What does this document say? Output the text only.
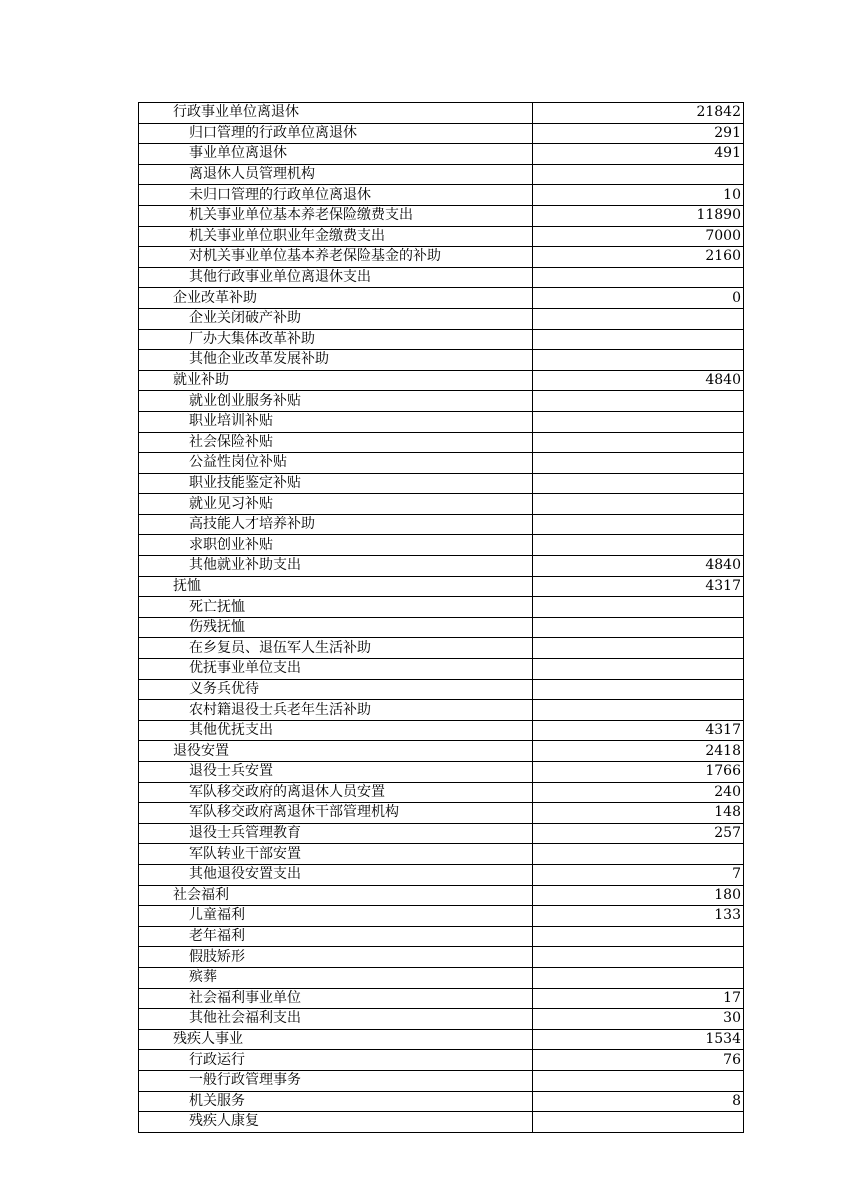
行政事业单位离退休	21842
归口管理的行政单位离退休	291
事业单位离退休	491
离退休人员管理机构	
未归口管理的行政单位离退休	10
机关事业单位基本养老保险缴费支出	11890
机关事业单位职业年金缴费支出	7000
对机关事业单位基本养老保险基金的补助	2160
其他行政事业单位离退休支出	
企业改革补助	0
企业关闭破产补助	
厂办大集体改革补助	
其他企业改革发展补助	
就业补助	4840
就业创业服务补贴	
职业培训补贴	
社会保险补贴	
公益性岗位补贴	
职业技能鉴定补贴	
就业见习补贴	
高技能人才培养补助	
求职创业补贴	
其他就业补助支出	4840
抚恤	4317
死亡抚恤	
伤残抚恤	
在乡复员、退伍军人生活补助	
优抚事业单位支出	
义务兵优待	
农村籍退役士兵老年生活补助	
其他优抚支出	4317
退役安置	2418
退役士兵安置	1766
军队移交政府的离退休人员安置	240
军队移交政府离退休干部管理机构	148
退役士兵管理教育	257
军队转业干部安置	
其他退役安置支出	7
社会福利	180
儿童福利	133
老年福利	
假肢矫形	
殡葬	
社会福利事业单位	17
其他社会福利支出	30
残疾人事业	1534
行政运行	76
一般行政管理事务	
机关服务	8
残疾人康复	
